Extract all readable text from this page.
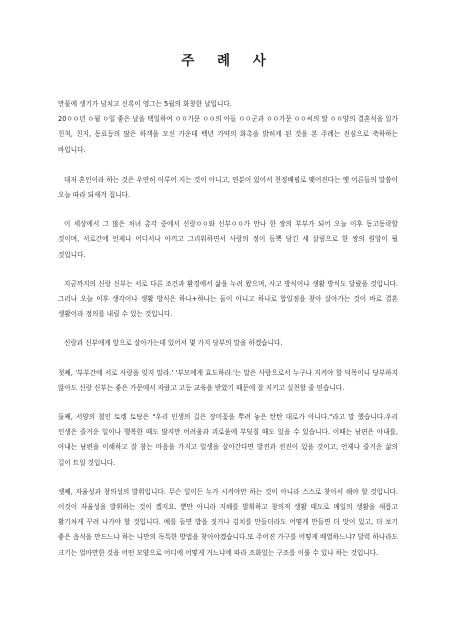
주 례 사

만물에 생기가 넘치고 신록이 영그는 5월의 화창한 날입니다.

20ㅇㅇ년 ㅇ월 ㅇ일 좋은 날을 택일하여 ㅇㅇ가문 ㅇㅇ의 아들 ㅇㅇ군과 ㅇㅇ가문 ㅇㅇ씨의 딸 ㅇㅇ양의 결혼식을 일가 친척, 친지, 동료등의 많은 하객을 모신 가운데 백년 가약의 화촉을 밝히게 된 것을 본 주례는 진심으로 축하하는 바입니다.

대저 혼인이라 하는 것은 우연히 이루어 지는 것이 아니고, 연분이 있어서 천정배필로 맺어진다는 옛 어른들의 말씀이 오늘 따라 되새겨 집니다.

이 세상에서 그 많은 처녀 총각 중에서 신랑ㅇㅇ와 신부ㅇㅇ가 만나 한 쌍의 부부가 되어 오늘 이후 동고동락할 것이며, 서로간에 언제나 어디서나 아끼고 그리워하면서 사랑의 정이 듬뿍 담긴 새 살림으로 한 쌍의 원앙이 될 것입니다.

지금까지의 신랑 신부는 서로 다른 조건과 환경에서 삶을 누려 왔으며, 사고 방식이나 생활 방식도 달랐을 것입니다. 그러나 오늘 이후 생각이나 생활 방식은 하나+하나는 둘이 아니고 하나로 합일점을 찾아 살아가는 것이 바로 결혼 생활이라 정의를 내릴 수 있는 것입니다.

신랑과 신부에게 앞으로 살아가는데 있어서 몇 가지 당부의 말을 하겠습니다.

첫째, '부부간에 서로 사랑을 잊지 말라.' '부모에게 효도하라.'는 말은 사람으로서 누구나 지켜야 할 덕목이니 당부하지 않아도 신랑 신부는 좋은 가문에서 자랐고 고등 교육을 받았기 때문에 잘 지키고 실천할 줄 믿습니다.

둘째, 서양의 철인 토렝 토탕은 "우리 인생의 길은 장미꽃을 뿌려 놓은 탄탄 대로가 아니다."라고 말 했습니다.우리 인생은 즐거운 일이나 행복한 때도 많지만 어려움과 괴로움에 부딪칠 때도 있을 수 있습니다. 이때는 남편은 아내를, 아내는 남편을 이해하고 잘 참는 마음을 가지고 일생을 살아간다면 발전과 전진이 있을 것이고, 언제나 즐거운 삶의 길이 트일 것입니다.

셋째, 자율성과 창의성의 발휘입니다. 무슨 일이든 누가 시켜야만 하는 것이 아니라 스스로 찾아서 해야 할 것입니다. 이것이 자율성을 발휘하는 것이 겠지요. 뿐만 아니라 지혜를 발휘하고 창의적 생활 태도로 매일의 생활을 새롭고 활기차게 꾸려 나가야 할 것입니다. 예를 들면 밥을 짓거나 김치를 만들더라도 어떻게 만들면 더 맛이 있고, 더 보기 좋은 음식을 만드느냐 하는 나만의 독특한 방법을 찾아야겠습니다.또 주어진 가구를 어떻게 배열하느냐? 달력 하나라도 크기는 얼마만한 것을 어떤 모양으로 어디에 어떻게 거느냐에 따라 조화있는 구조를 이룰 수 있나 하는 것입니다.
